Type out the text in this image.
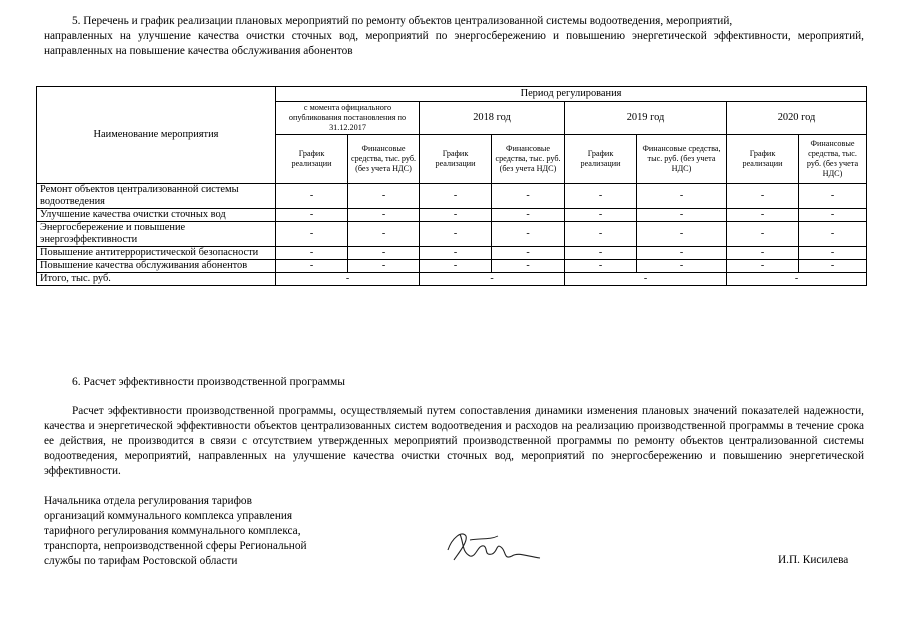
5. Перечень и график реализации плановых мероприятий по ремонту объектов централизованной системы водоотведения, мероприятий,
направленных на улучшение качества очистки сточных вод, мероприятий по энергосбережению и повышению энергетической эффективности, мероприятий, направленных на повышение качества обслуживания абонентов
Наименование мероприятия	Период регулирования							
	с момента официального опубликования постановления по 31.12.2017		2018 год		2019 год		2020 год	
	График реализации	Финансовые средства, тыс. руб. (без учета НДС)	График реализации	Финансовые средства, тыс. руб. (без учета НДС)	График реализации	Финансовые средства, тыс. руб. (без учета НДС)	График реализации	Финансовые средства, тыс. руб. (без учета НДС)
Ремонт объектов централизованной системы водоотведения	-	-	-	-	-	-	-	-
Улучшение качества очистки сточных вод	-	-	-	-	-	-	-	-
Энергосбережение и повышение энергоэффективности	-	-	-	-	-	-	-	-
Повышение антитеррористической безопасности	-	-	-	-	-	-	-	-
Повышение качества обслуживания абонентов	-	-	-	-	-	-	-	-
Итого, тыс. руб.	-		-		-		-	
6. Расчет эффективности производственной программы
Расчет эффективности производственной программы, осуществляемый путем сопоставления динамики изменения плановых значений показателей надежности, качества и энергетической эффективности объектов централизованных систем водоотведения и расходов на реализацию производственной программы в течение срока ее действия, не производится в связи с отсутствием утвержденных мероприятий производственной программы по ремонту объектов централизованной системы водоотведения, мероприятий, направленных на улучшение качества очистки сточных вод, мероприятий по энергосбережению и повышению энергетической эффективности.
Начальника отдела регулирования тарифов
организаций коммунального комплекса управления
тарифного регулирования коммунального комплекса,
транспорта, непроизводственной сферы Региональной
службы по тарифам Ростовской области	И.П. Кисилева
